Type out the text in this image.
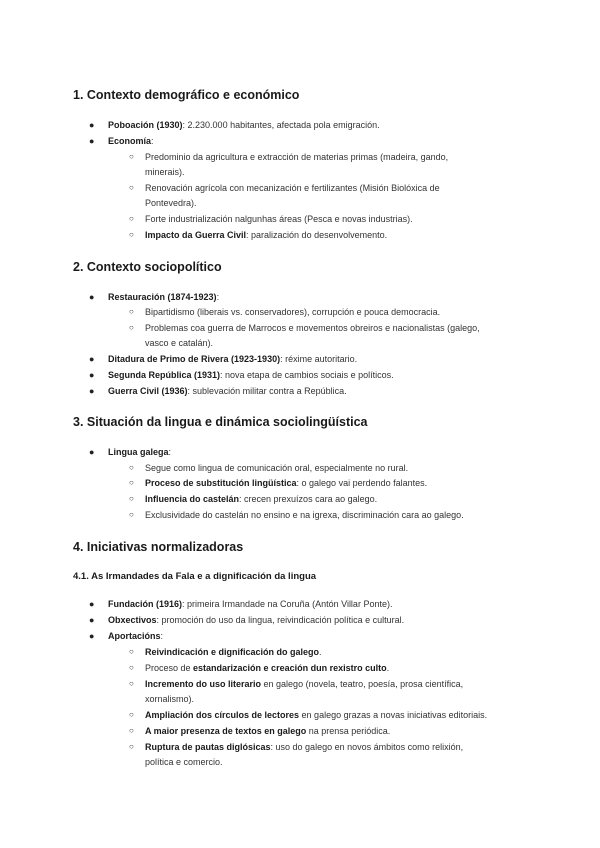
1. Contexto demográfico e económico
● Poboación (1930): 2.230.000 habitantes, afectada pola emigración.

● Economía:

○ Predominio da agricultura e extracción de materias primas (madeira, gando,

minerais).

○ Renovación agrícola con mecanización e fertilizantes (Misión Biolóxica de

Pontevedra).

○ Forte industrialización nalgunhas áreas (Pesca e novas industrias).

○ Impacto da Guerra Civil: paralización do desenvolvemento.

2. Contexto sociopolítico
● Restauración (1874-1923):

○ Bipartidismo (liberais vs. conservadores), corrupción e pouca democracia.

○ Problemas coa guerra de Marrocos e movementos obreiros e nacionalistas (galego,

vasco e catalán).

● Ditadura de Primo de Rivera (1923-1930): réxime autoritario.

● Segunda República (1931): nova etapa de cambios sociais e políticos.

● Guerra Civil (1936): sublevación militar contra a República.

3. Situación da lingua e dinámica sociolingüística
● Lingua galega:

○ Segue como lingua de comunicación oral, especialmente no rural.

○ Proceso de substitución lingüística: o galego vai perdendo falantes.

○ Influencia do castelán: crecen prexuízos cara ao galego.

○ Exclusividade do castelán no ensino e na igrexa, discriminación cara ao galego.

4. Iniciativas normalizadoras
4.1. As Irmandades da Fala e a dignificación da lingua
● Fundación (1916): primeira Irmandade na Coruña (Antón Villar Ponte).

● Obxectivos: promoción do uso da lingua, reivindicación política e cultural.

● Aportacións:

○ Reivindicación e dignificación do galego.

○ Proceso de estandarización e creación dun rexistro culto.

○ Incremento do uso literario en galego (novela, teatro, poesía, prosa científica,

xornalismo).

○ Ampliación dos círculos de lectores en galego grazas a novas iniciativas editoriais.

○ A maior presenza de textos en galego na prensa periódica.

○ Ruptura de pautas diglósicas: uso do galego en novos ámbitos como relixión,

política e comercio.
